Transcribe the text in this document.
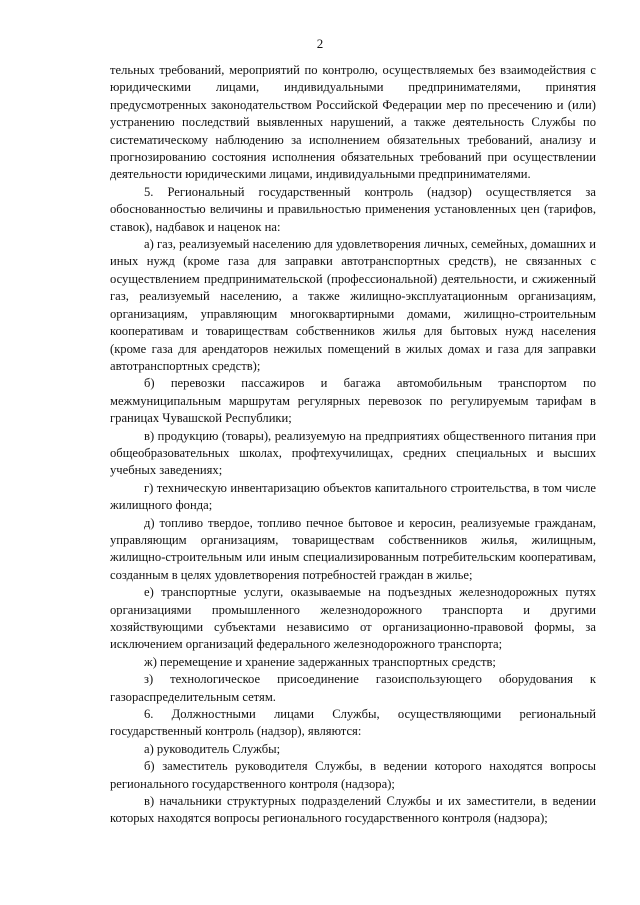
2

тельных требований, мероприятий по контролю, осуществляемых без взаимодействия с юридическими лицами, индивидуальными предпринимателями, принятия предусмотренных законодательством Российской Федерации мер по пресечению и (или) устранению последствий выявленных нарушений, а также деятельность Службы по систематическому наблюдению за исполнением обязательных требований, анализу и прогнозированию состояния исполнения обязательных требований при осуществлении деятельности юридическими лицами, индивидуальными предпринимателями.

5. Региональный государственный контроль (надзор) осуществляется за обоснованностью величины и правильностью применения установленных цен (тарифов, ставок), надбавок и наценок на:

а) газ, реализуемый населению для удовлетворения личных, семейных, домашних и иных нужд (кроме газа для заправки автотранспортных средств), не связанных с осуществлением предпринимательской (профессиональной) деятельности, и сжиженный газ, реализуемый населению, а также жилищно-эксплуатационным организациям, организациям, управляющим многоквартирными домами, жилищно-строительным кооперативам и товариществам собственников жилья для бытовых нужд населения (кроме газа для арендаторов нежилых помещений в жилых домах и газа для заправки автотранспортных средств);

б) перевозки пассажиров и багажа автомобильным транспортом по межмуниципальным маршрутам регулярных перевозок по регулируемым тарифам в границах Чувашской Республики;

в) продукцию (товары), реализуемую на предприятиях общественного питания при общеобразовательных школах, профтехучилищах, средних специальных и высших учебных заведениях;

г) техническую инвентаризацию объектов капитального строительства, в том числе жилищного фонда;

д) топливо твердое, топливо печное бытовое и керосин, реализуемые гражданам, управляющим организациям, товариществам собственников жилья, жилищным, жилищно-строительным или иным специализированным потребительским кооперативам, созданным в целях удовлетворения потребностей граждан в жилье;

е) транспортные услуги, оказываемые на подъездных железнодорожных путях организациями промышленного железнодорожного транспорта и другими хозяйствующими субъектами независимо от организационно-правовой формы, за исключением организаций федерального железнодорожного транспорта;

ж) перемещение и хранение задержанных транспортных средств;

з) технологическое присоединение газоиспользующего оборудования к газораспределительным сетям.

6. Должностными лицами Службы, осуществляющими региональный государственный контроль (надзор), являются:

а) руководитель Службы;

б) заместитель руководителя Службы, в ведении которого находятся вопросы регионального государственного контроля (надзора);

в) начальники структурных подразделений Службы и их заместители, в ведении которых находятся вопросы регионального государственного контроля (надзора);
